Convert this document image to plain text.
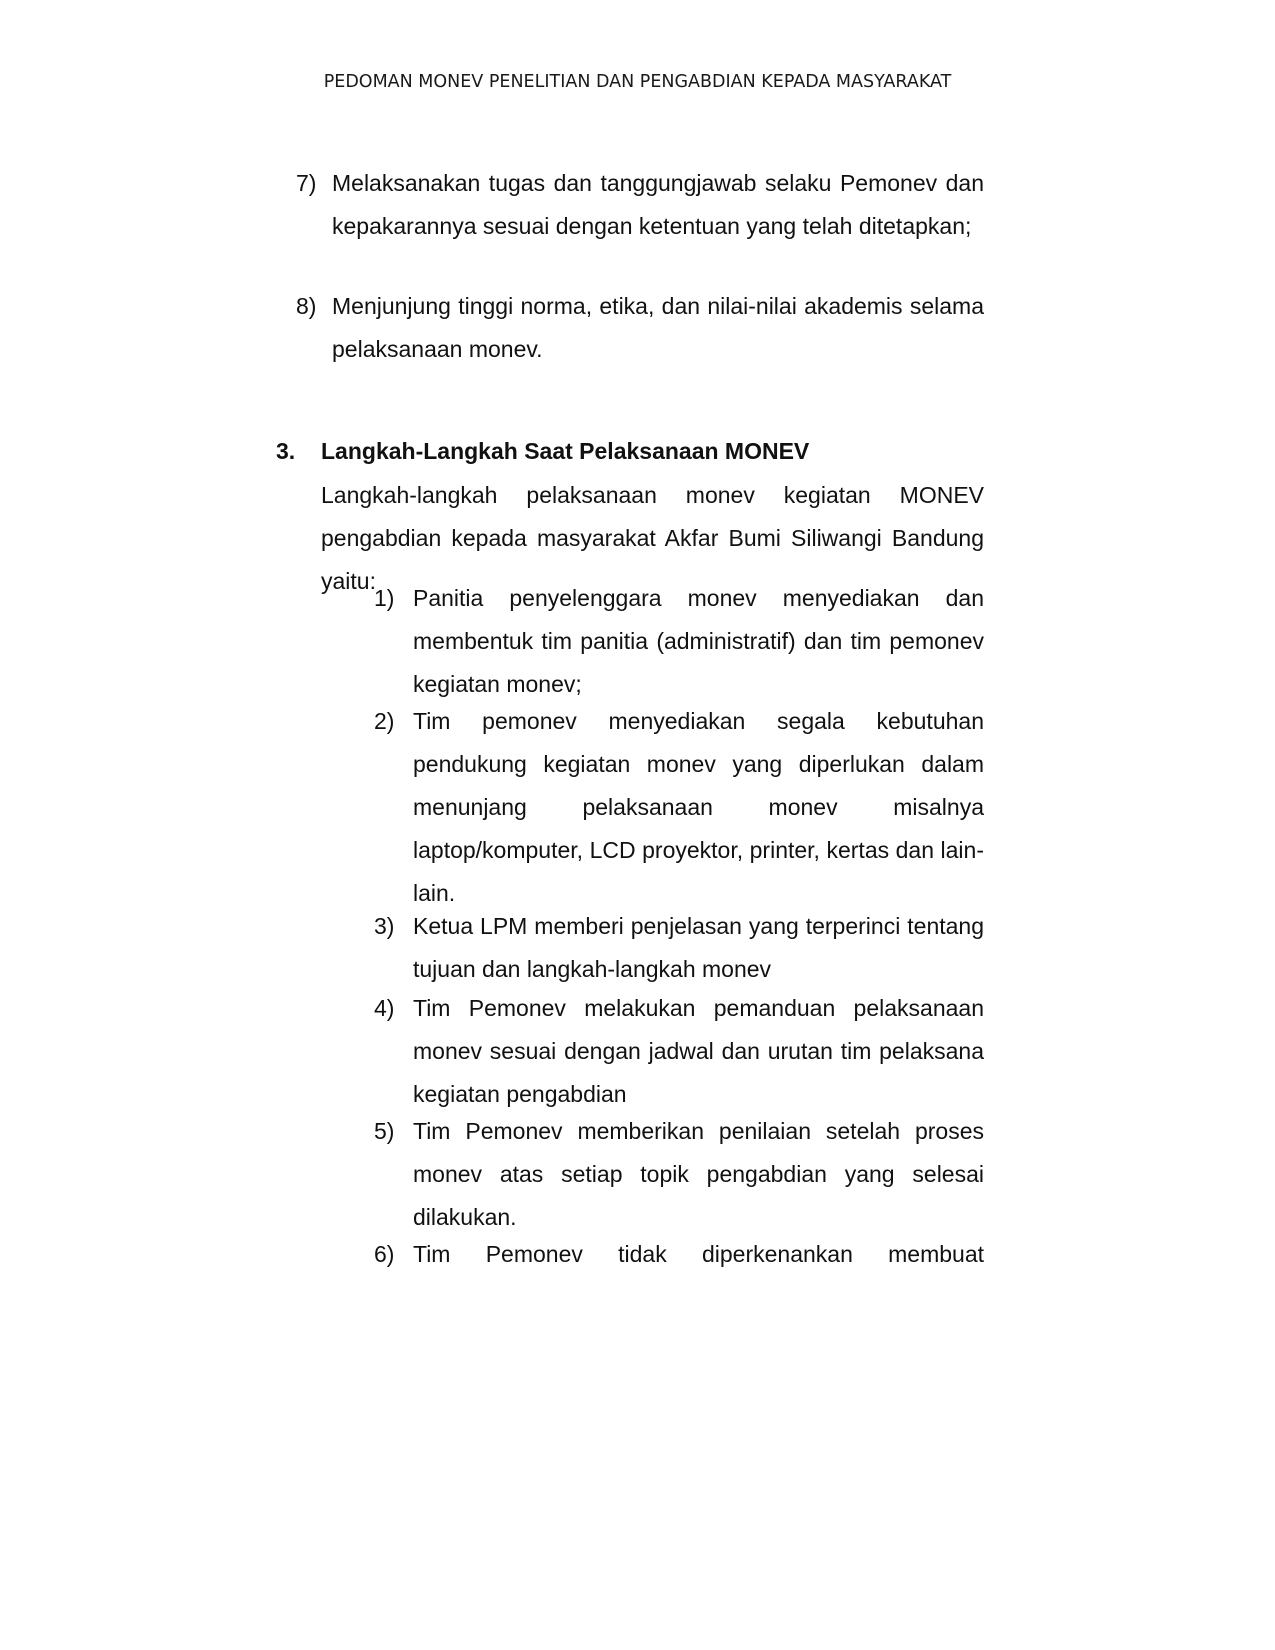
PEDOMAN MONEV PENELITIAN DAN PENGABDIAN KEPADA MASYARAKAT
7) Melaksanakan tugas dan tanggungjawab selaku Pemonev dan kepakarannya sesuai dengan ketentuan yang telah ditetapkan;
8) Menjunjung tinggi norma, etika, dan nilai-nilai akademis selama pelaksanaan monev.
3. Langkah-Langkah Saat Pelaksanaan MONEV
Langkah-langkah pelaksanaan monev kegiatan MONEV pengabdian kepada masyarakat Akfar Bumi Siliwangi Bandung yaitu:
1) Panitia penyelenggara monev menyediakan dan membentuk tim panitia (administratif) dan tim pemonev kegiatan monev;
2) Tim pemonev menyediakan segala kebutuhan pendukung kegiatan monev yang diperlukan dalam menunjang pelaksanaan monev misalnya laptop/komputer, LCD proyektor, printer, kertas dan lain-lain.
3) Ketua LPM memberi penjelasan yang terperinci tentang tujuan dan langkah-langkah monev
4) Tim Pemonev melakukan pemanduan pelaksanaan monev sesuai dengan jadwal dan urutan tim pelaksana kegiatan pengabdian
5) Tim Pemonev memberikan penilaian setelah proses monev atas setiap topik pengabdian yang selesai dilakukan.
6) Tim Pemonev tidak diperkenankan membuat
